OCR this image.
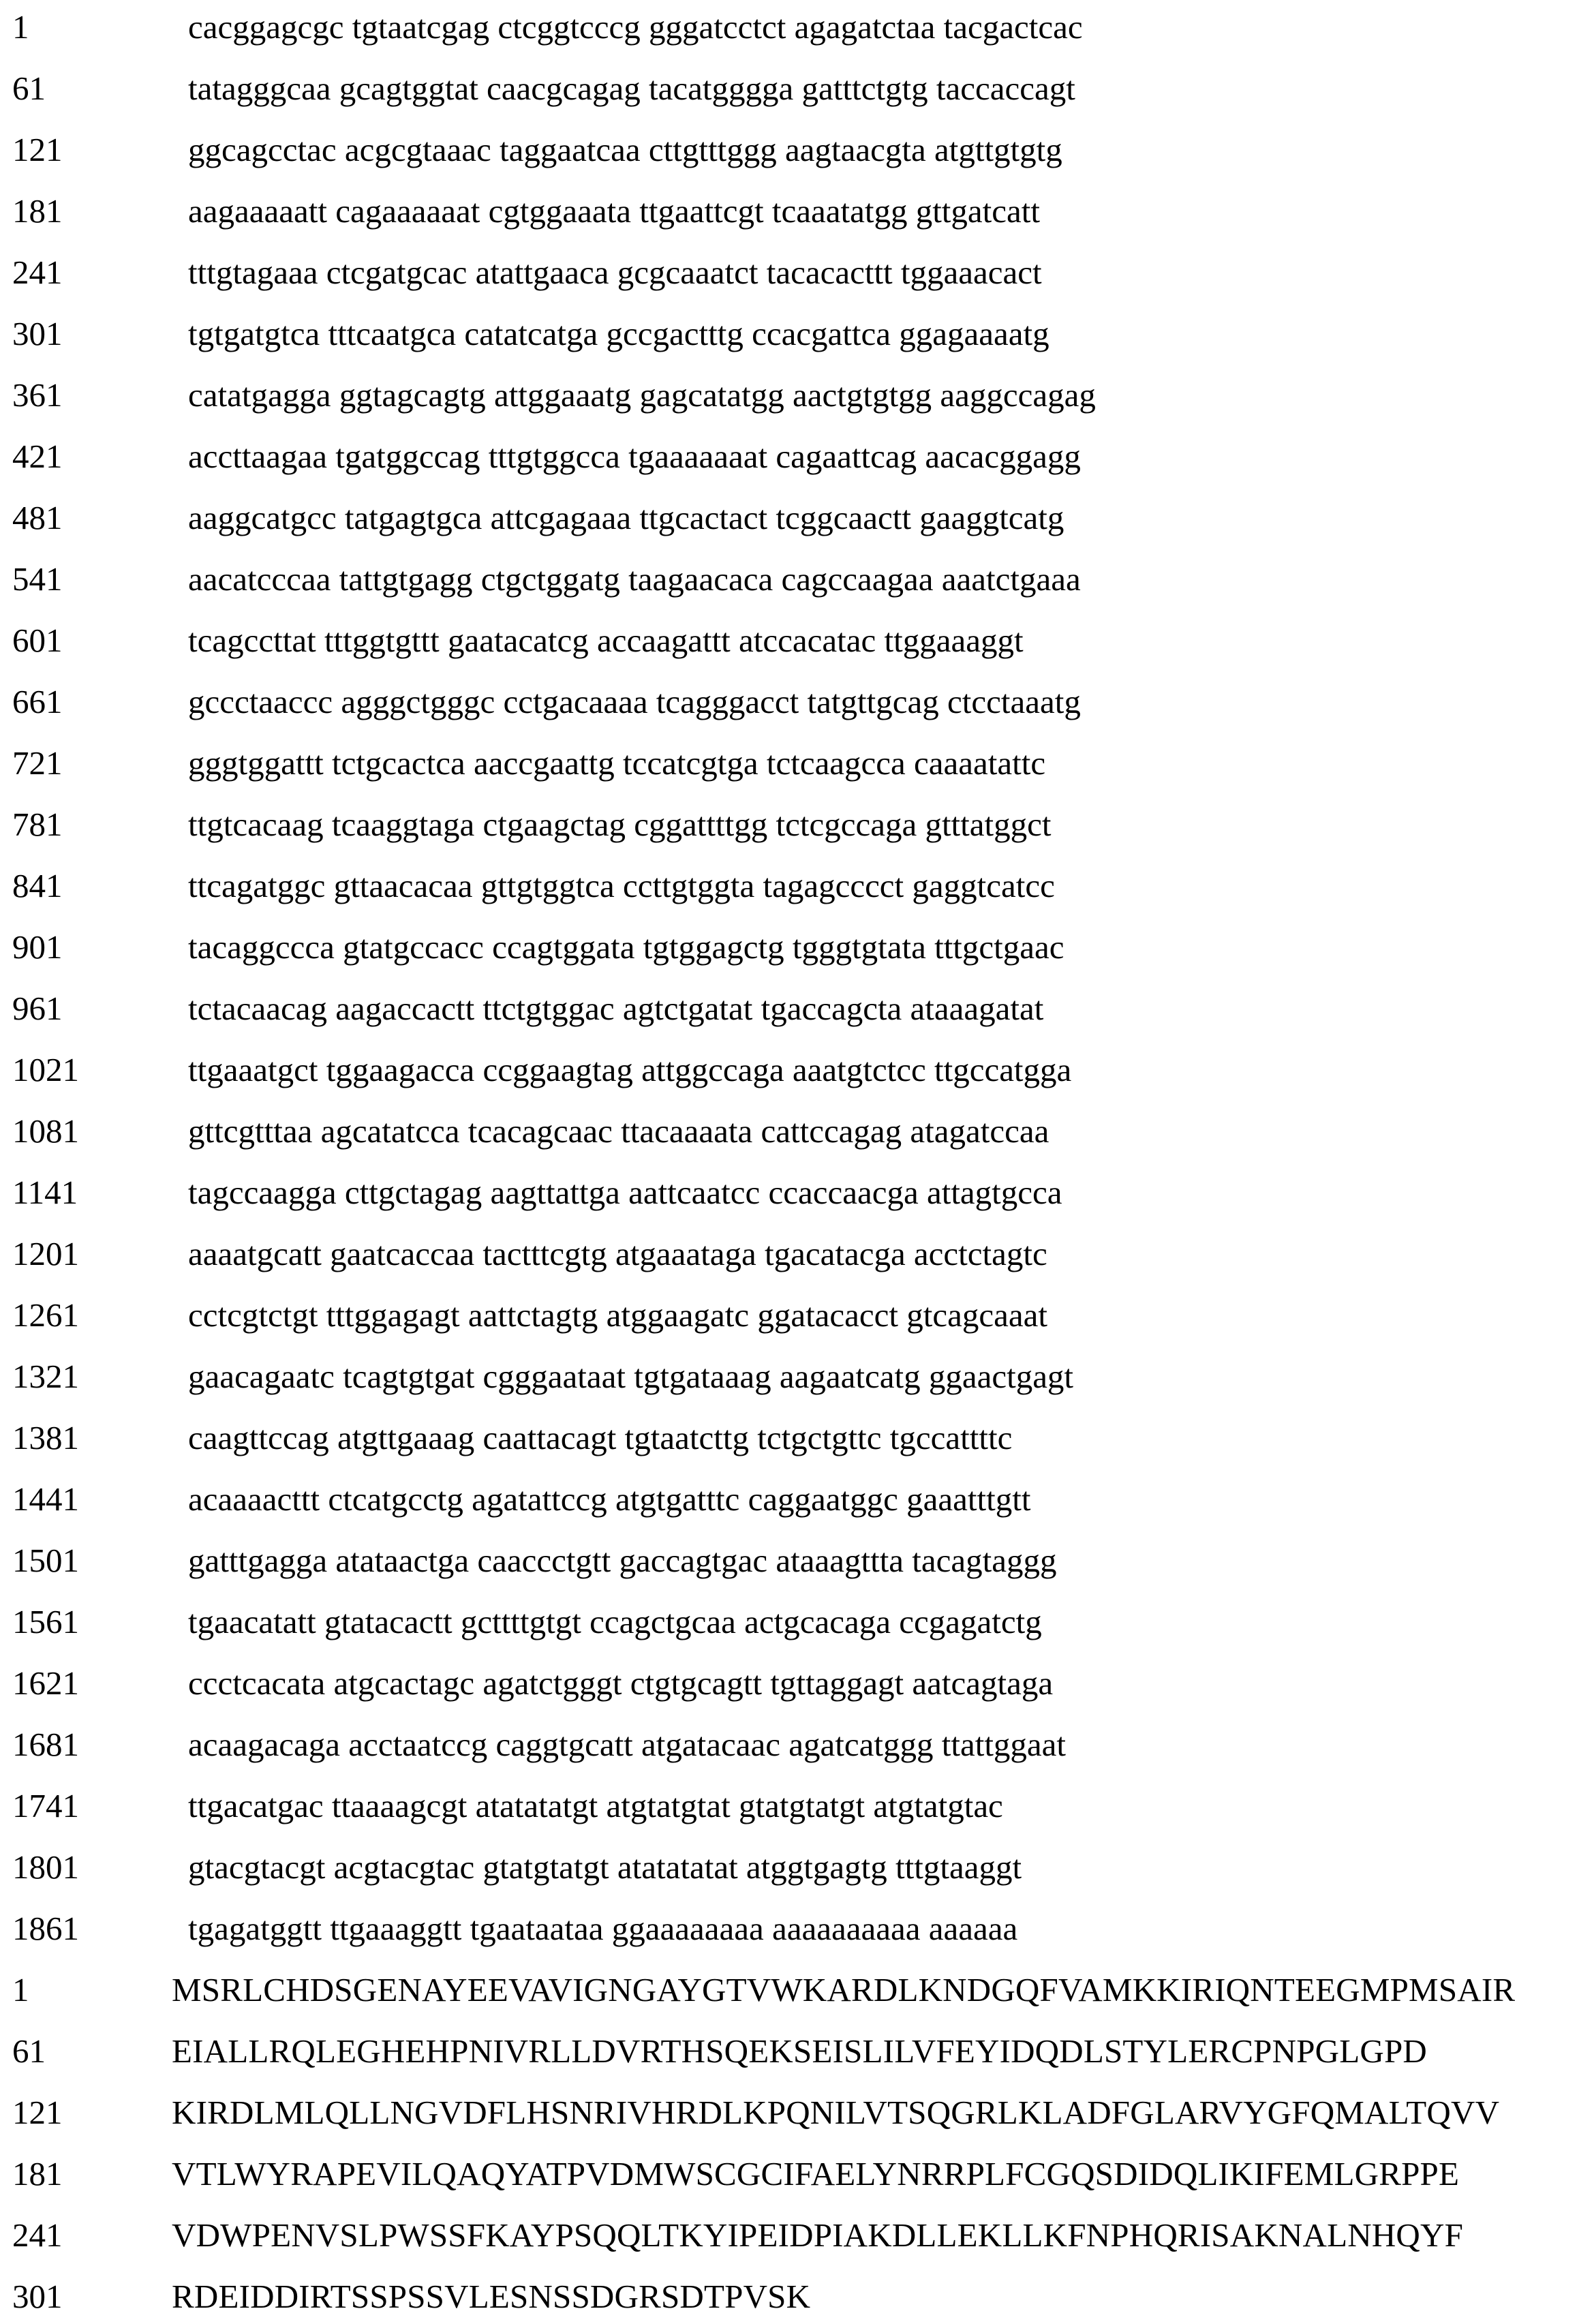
1	cacggagcgc tgtaatcgag ctcggtcccg gggatcctct agagatctaa tacgactcac
61	tatagggcaa gcagtggtat caacgcagag tacatgggga gatttctgtg taccaccagt
121	ggcagcctac acgcgtaaac taggaatcaa cttgtttggg aagtaacgta atgttgtgtg
181	aagaaaaatt cagaaaaaat cgtggaaata ttgaattcgt tcaaatatgg gttgatcatt
241	tttgtagaaa ctcgatgcac atattgaaca gcgcaaatct tacacacttt tggaaacact
301	tgtgatgtca tttcaatgca catatcatga gccgactttg ccacgattca ggagaaaatg
361	catatgagga ggtagcagtg attggaaatg gagcatatgg aactgtgtgg aaggccagag
421	accttaagaa tgatggccag tttgtggcca tgaaaaaaat cagaattcag aacacggagg
481	aaggcatgcc tatgagtgca attcgagaaa ttgcactact tcggcaactt gaaggtcatg
541	aacatcccaa tattgtgagg ctgctggatg taagaacaca cagccaagaa aaatctgaaa
601	tcagccttat tttggtgttt gaatacatcg accaagattt atccacatac ttggaaaggt
661	gccctaaccc agggctgggc cctgacaaaa tcagggacct tatgttgcag ctcctaaatg
721	gggtggattt tctgcactca aaccgaattg tccatcgtga tctcaagcca caaaatattc
781	ttgtcacaag tcaaggtaga ctgaagctag cggattttgg tctcgccaga gtttatggct
841	ttcagatggc gttaacacaa gttgtggtca ccttgtggta tagagcccct gaggtcatcc
901	tacaggccca gtatgccacc ccagtggata tgtggagctg tgggtgtata tttgctgaac
961	tctacaacag aagaccactt ttctgtggac agtctgatat tgaccagcta ataaagatat
1021	ttgaaatgct tggaagacca ccggaagtag attggccaga aaatgtctcc ttgccatgga
1081	gttcgtttaa agcatatcca tcacagcaac ttacaaaata cattccagag atagatccaa
1141	tagccaagga cttgctagag aagttattga aattcaatcc ccaccaacga attagtgcca
1201	aaaatgcatt gaatcaccaa tactttcgtg atgaaataga tgacatacga acctctagtc
1261	cctcgtctgt tttggagagt aattctagtg atggaagatc ggatacacct gtcagcaaat
1321	gaacagaatc tcagtgtgat cgggaataat tgtgataaag aagaatcatg ggaactgagt
1381	caagttccag atgttgaaag caattacagt tgtaatcttg tctgctgttc tgccattttc
1441	acaaaacttt ctcatgcctg agatattccg atgtgatttc caggaatggc gaaatttgtt
1501	gatttgagga atataactga caaccctgtt gaccagtgac ataaagttta tacagtaggg
1561	tgaacatatt gtatacactt gcttttgtgt ccagctgcaa actgcacaga ccgagatctg
1621	ccctcacata atgcactagc agatctgggt ctgtgcagtt tgttaggagt aatcagtaga
1681	acaagacaga acctaatccg caggtgcatt atgatacaac agatcatggg ttattggaat
1741	ttgacatgac ttaaaagcgt atatatatgt atgtatgtat gtatgtatgt atgtatgtac
1801	gtacgtacgt acgtacgtac gtatgtatgt atatatatat atggtgagtg tttgtaaggt
1861	tgagatggtt ttgaaaggtt tgaataataa ggaaaaaaaa aaaaaaaaaa aaaaaa
1	MSRLCHDSGENAYEEVAVIGNGAYGTVWKARDLKNDGQFVAMKKIRIQNTEEGMPMSAIR
61	EIALLRQLEGHEHPNIVRLLDVRTHSQEKSEISLILVFEYIDQDLSTYLERCPNPGLGPD
121	KIRDLMLQLLNGVDFLHSNRIVHRDLKPQNILVTSQGRLKLADFGLARVYGFQMALTQVV
181	VTLWYRAPEVILQAQYATPVDMWSCGCIFAELYNRRPLFCGQSDIDQLIKIFEMLGRPPE
241	VDWPENVSLPWSSFKAYPSQQLTKYIPEIDPIAKDLLEKLLKFNPHQRISAKNALNHQYF
301	RDEIDDIRTSSPSSVLESNSSDGRSDTPVSK
